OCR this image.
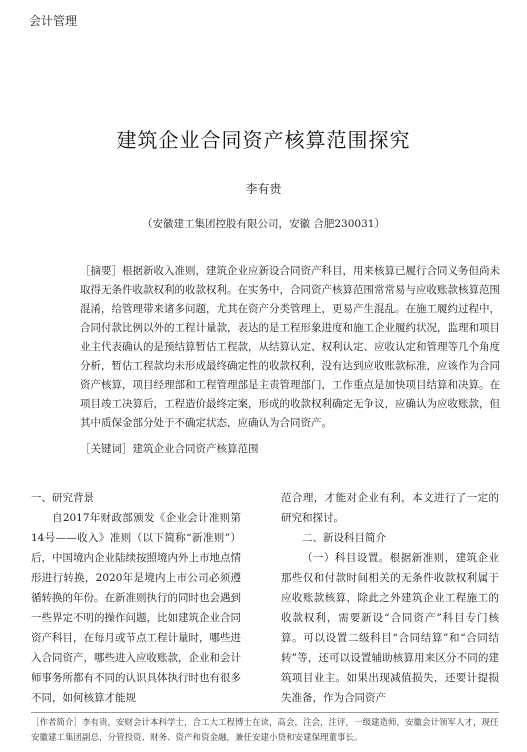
会计管理
建筑企业合同资产核算范围探究
李有贵
（安徽建工集团控股有限公司，安徽 合肥230031）
［摘要］根据新收入准则，建筑企业应新设合同资产科目，用来核算已履行合同义务但尚未取得无条件收款权利的收款权利。在实务中，合同资产核算范围常常易与应收账款核算范围混淆，给管理带来诸多问题，尤其在资产分类管理上，更易产生混乱。在施工履约过程中，合同付款比例以外的工程计量款，表达的是工程形象进度和施工企业履约状况，监理和项目业主代表确认的是预结算暂估工程款，从结算认定、权利认定、应收认定和管理等几个角度分析，暂估工程款均未形成最终确定性的收款权利，没有达到应收账款标准，应该作为合同资产核算，项目经理部和工程管理部是主责管理部门，工作重点是加快项目结算和决算。在项目竣工决算后，工程造价最终定案，形成的收款权利确定无争议，应确认为应收账款，但其中质保金部分处于不确定状态，应确认为合同资产。
［关键词］建筑企业合同资产核算范围

一、研究背景

自2017年财政部颁发《企业会计准则第14号——收入》准则（以下简称“新准则”）后，中国境内企业陆续按照境内外上市地点情形进行转换，2020年是境内上市公司必须遵循转换的年份。在新准则执行的同时也会遇到一些界定不明的操作问题，比如建筑企业合同资产科目，在每月或节点工程计量时，哪些进入合同资产，哪些进入应收账款，企业和会计师事务所都有不同的认识具体执行时也有很多不同，如何核算才能规

范合理，才能对企业有利，本文进行了一定的研究和探讨。

二、新设科目简介

（一）科目设置。根据新准则，建筑企业那些仅和付款时间相关的无条件收款权利属于应收账款核算，除此之外建筑企业工程施工的收款权利，需要新设“合同资产”科目专门核算。可以设置二级科目“合同结算”和“合同结转”等，还可以设置辅助核算用来区分不同的建筑项目业主。如果出现减值损失，还要计提损失准备，作为合同资产

［作者简介］李有贵，安财会计本科学士，合工大工程博士在读，高会，注会，注评，一级建造师，安徽会计领军人才，现任安徽建工集团副总，分管投资、财务、资产和资金融，兼任安建小贷和安建保理董事长。
